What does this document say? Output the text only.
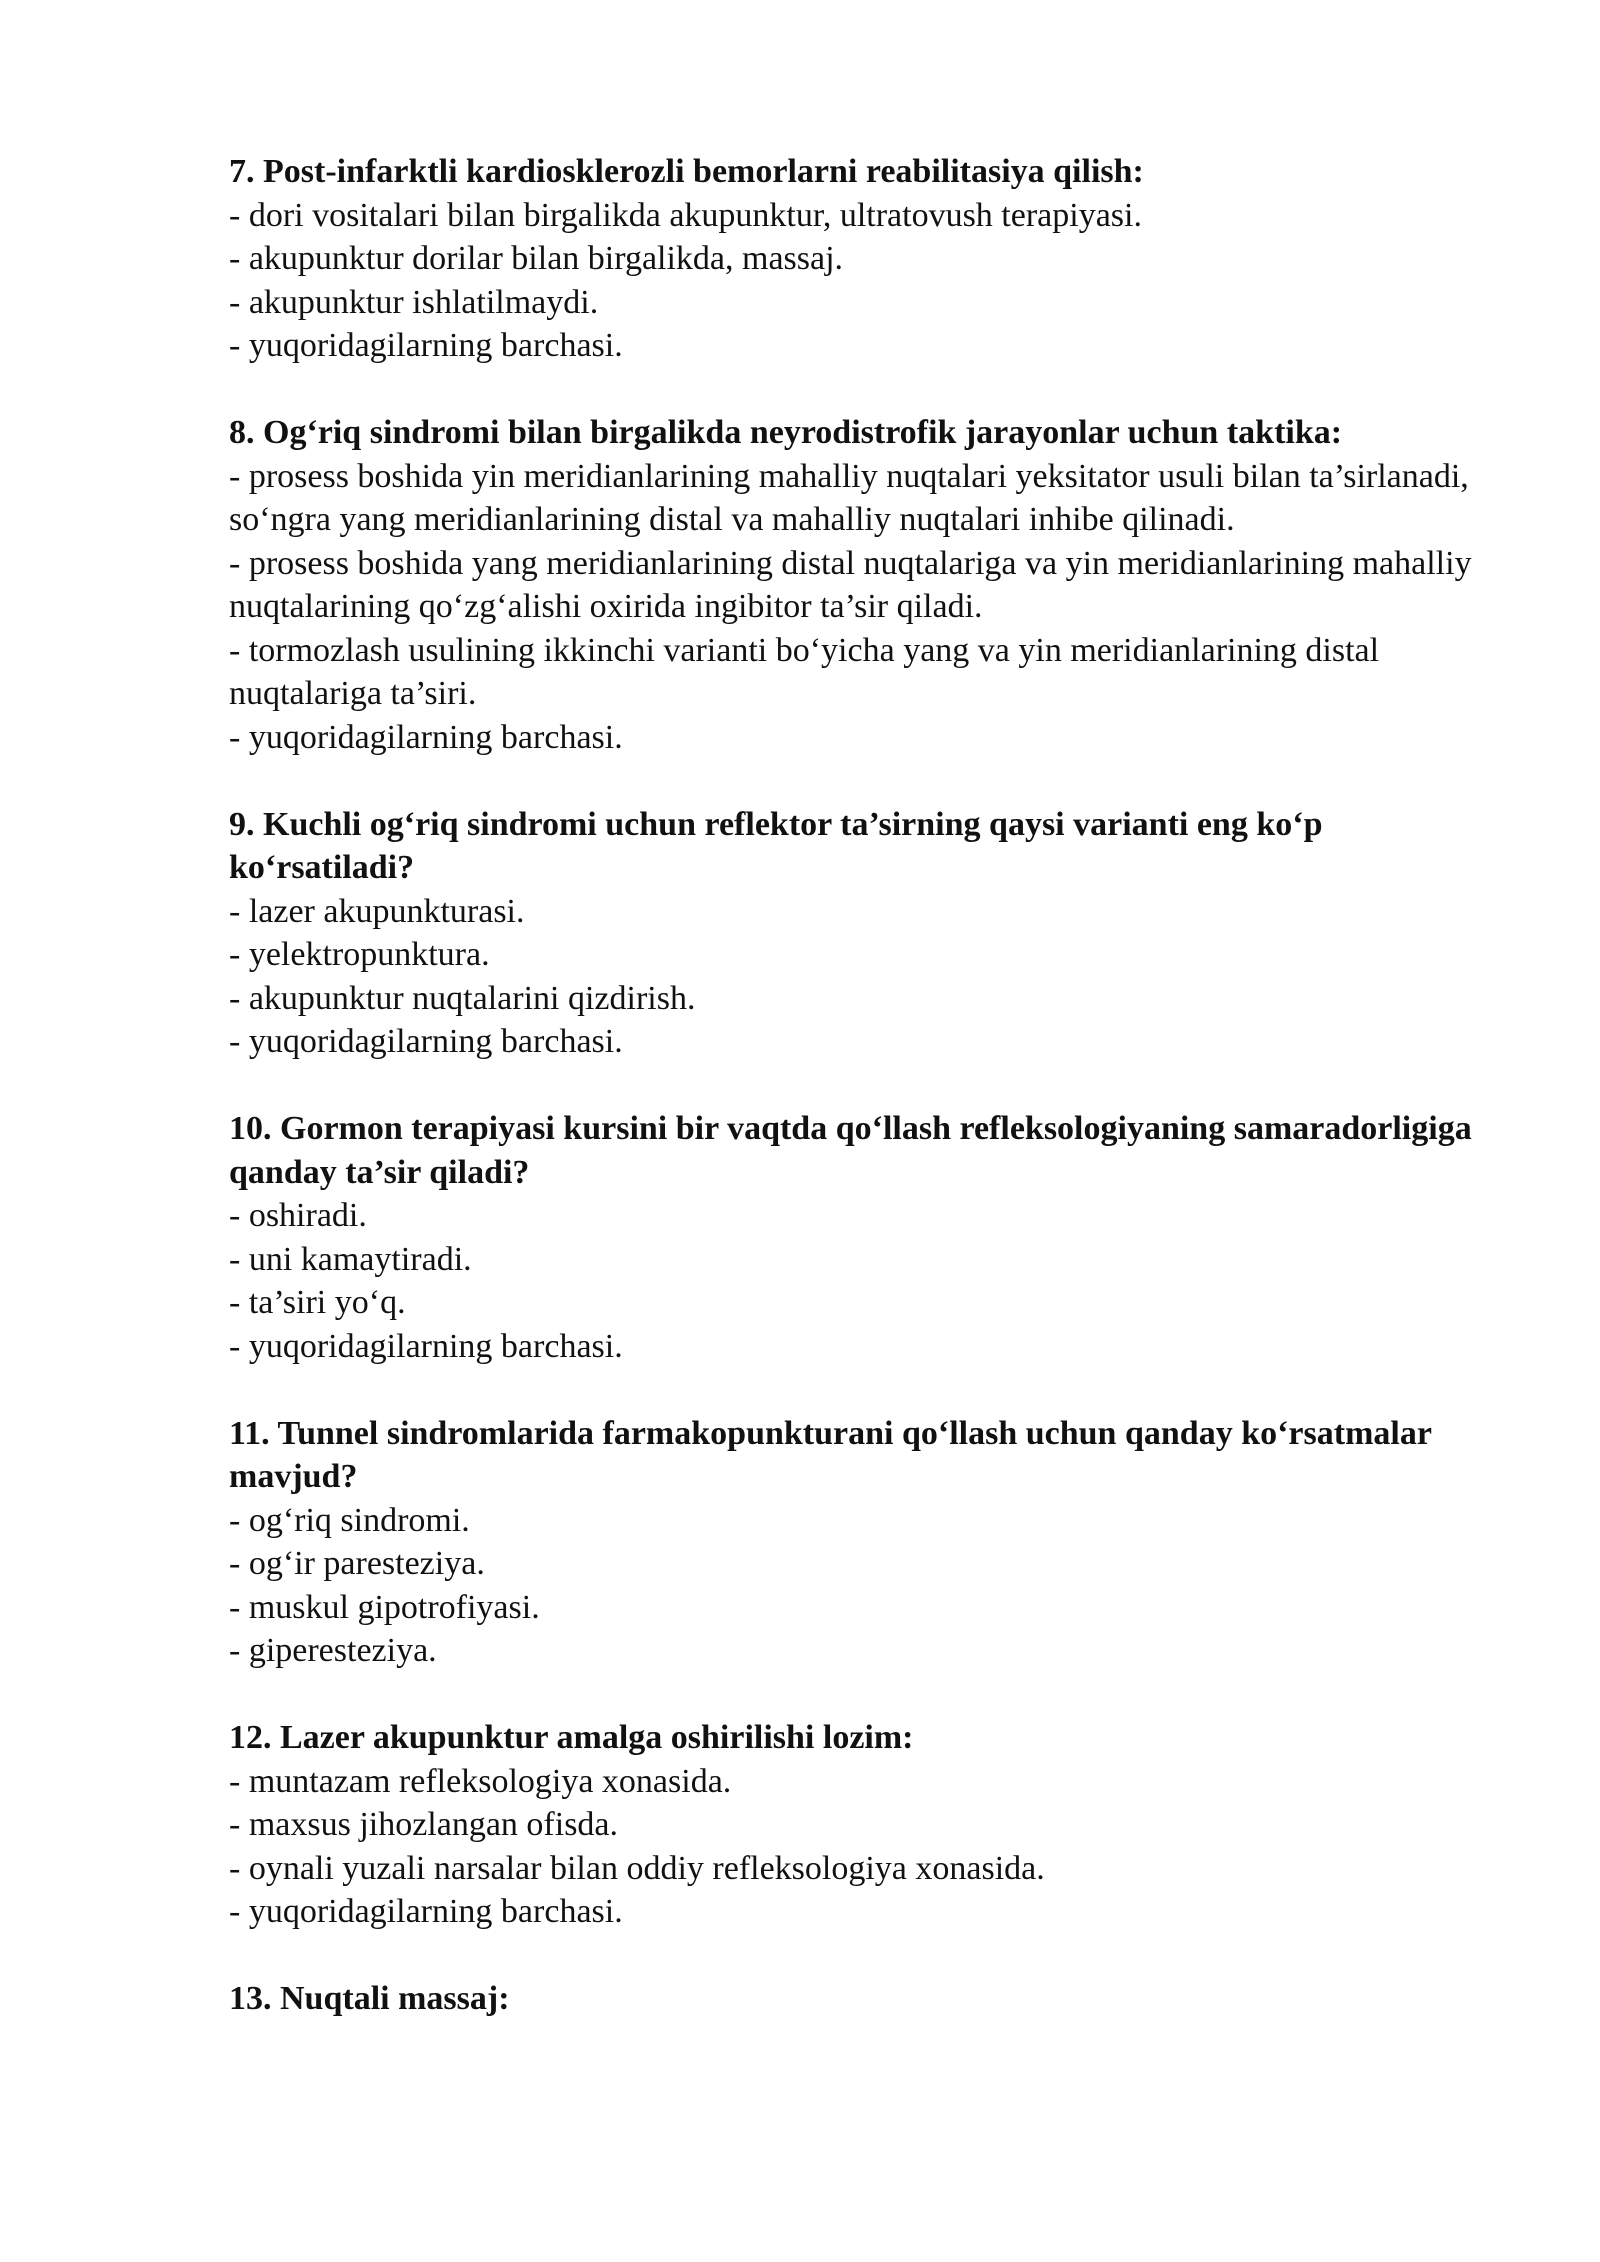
7. Post-infarktli kardiosklerozli bemorlarni reabilitasiya qilish:

- dori vositalari bilan birgalikda akupunktur, ultratovush terapiyasi.

- akupunktur dorilar bilan birgalikda, massaj.

- akupunktur ishlatilmaydi.

- yuqoridagilarning barchasi.

8. Og‘riq sindromi bilan birgalikda neyrodistrofik jarayonlar uchun taktika:

- prosess boshida yin meridianlarining mahalliy nuqtalari yeksitator usuli bilan ta’sirlanadi, so‘ngra yang meridianlarining distal va mahalliy nuqtalari inhibe qilinadi.

- prosess boshida yang meridianlarining distal nuqtalariga va yin meridianlarining mahalliy nuqtalarining qo‘zg‘alishi oxirida ingibitor ta’sir qiladi.

- tormozlash usulining ikkinchi varianti bo‘yicha yang va yin meridianlarining distal nuqtalariga ta’siri.

- yuqoridagilarning barchasi.

9. Kuchli og‘riq sindromi uchun reflektor ta’sirning qaysi varianti eng ko‘p ko‘rsatiladi?

- lazer akupunkturasi.

- yelektropunktura.

- akupunktur nuqtalarini qizdirish.

- yuqoridagilarning barchasi.

10. Gormon terapiyasi kursini bir vaqtda qo‘llash refleksologiyaning samaradorligiga qanday ta’sir qiladi?

- oshiradi.

- uni kamaytiradi.

- ta’siri yo‘q.

- yuqoridagilarning barchasi.

11. Tunnel sindromlarida farmakopunkturani qo‘llash uchun qanday ko‘rsatmalar mavjud?

- og‘riq sindromi.

- og‘ir paresteziya.

- muskul gipotrofiyasi.

- giperesteziya.

12. Lazer akupunktur amalga oshirilishi lozim:

- muntazam refleksologiya xonasida.

- maxsus jihozlangan ofisda.

- oynali yuzali narsalar bilan oddiy refleksologiya xonasida.

- yuqoridagilarning barchasi.

13. Nuqtali massaj:
